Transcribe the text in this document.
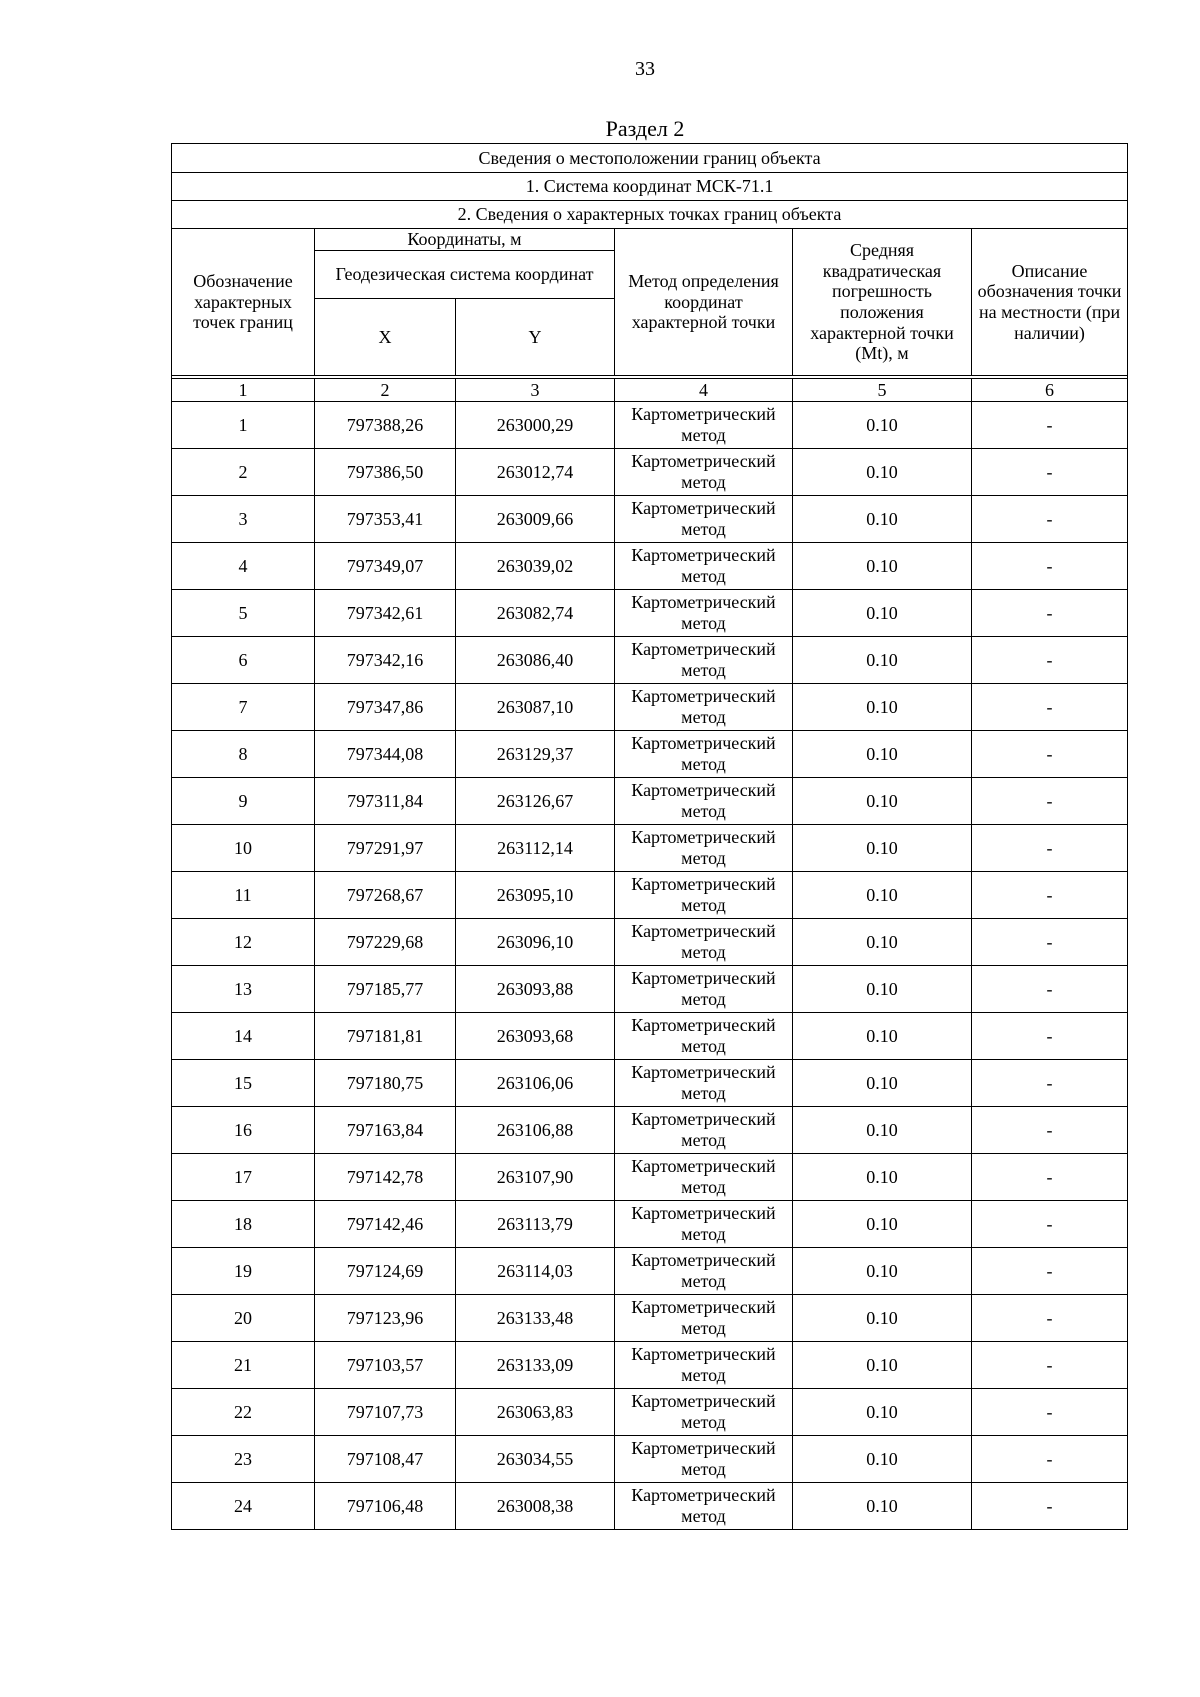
33
Раздел 2
Сведения о местоположении границ объекта					
1. Система координат МСК-71.1					
2. Сведения о характерных точках границ объекта					
Обозначение характерных точек границ	Координаты, м		Метод определения координат характерной точки	Средняя квадратическая погрешность положения характерной точки (Mt), м	Описание обозначения точки на местности (при наличии)
	Геодезическая система координат				
	X	Y			

1	2	3	4	5	6
1	797388,26	263000,29	Картометрический метод	0.10	-
2	797386,50	263012,74	Картометрический метод	0.10	-
3	797353,41	263009,66	Картометрический метод	0.10	-
4	797349,07	263039,02	Картометрический метод	0.10	-
5	797342,61	263082,74	Картометрический метод	0.10	-
6	797342,16	263086,40	Картометрический метод	0.10	-
7	797347,86	263087,10	Картометрический метод	0.10	-
8	797344,08	263129,37	Картометрический метод	0.10	-
9	797311,84	263126,67	Картометрический метод	0.10	-
10	797291,97	263112,14	Картометрический метод	0.10	-
11	797268,67	263095,10	Картометрический метод	0.10	-
12	797229,68	263096,10	Картометрический метод	0.10	-
13	797185,77	263093,88	Картометрический метод	0.10	-
14	797181,81	263093,68	Картометрический метод	0.10	-
15	797180,75	263106,06	Картометрический метод	0.10	-
16	797163,84	263106,88	Картометрический метод	0.10	-
17	797142,78	263107,90	Картометрический метод	0.10	-
18	797142,46	263113,79	Картометрический метод	0.10	-
19	797124,69	263114,03	Картометрический метод	0.10	-
20	797123,96	263133,48	Картометрический метод	0.10	-
21	797103,57	263133,09	Картометрический метод	0.10	-
22	797107,73	263063,83	Картометрический метод	0.10	-
23	797108,47	263034,55	Картометрический метод	0.10	-
24	797106,48	263008,38	Картометрический метод	0.10	-
